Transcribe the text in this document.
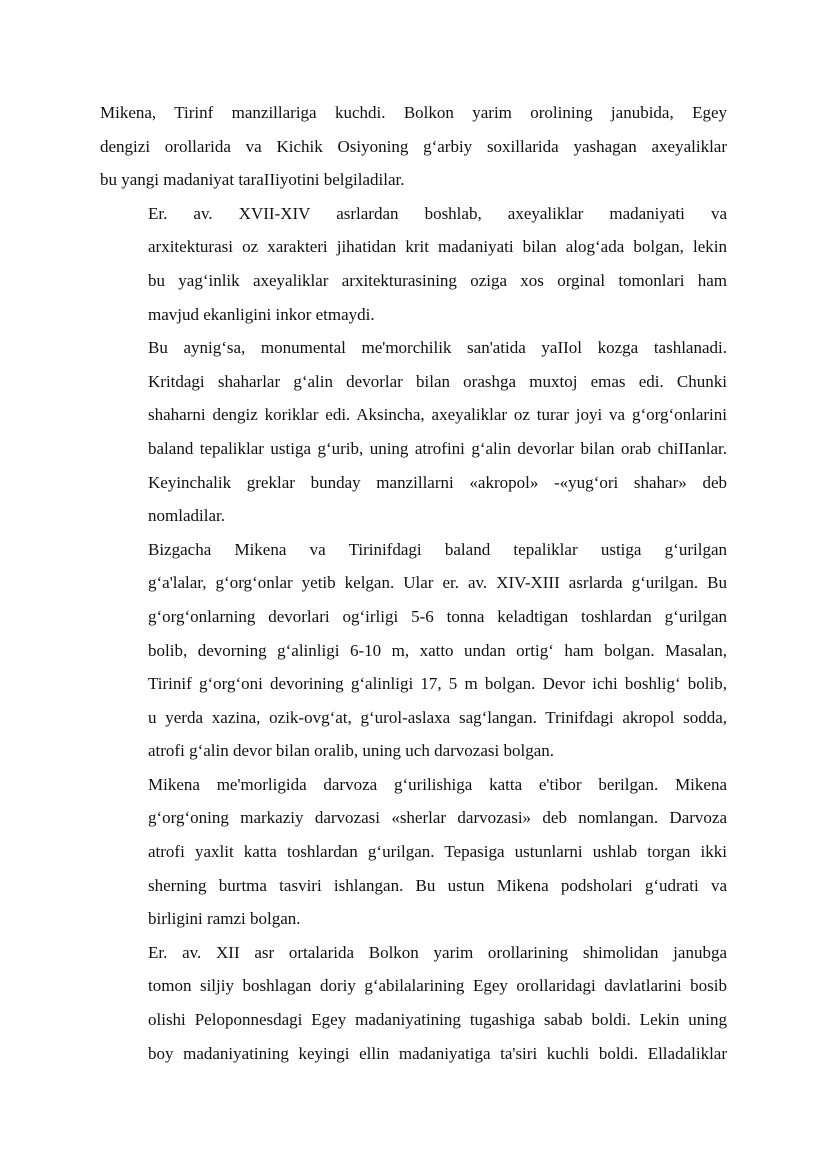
Mikena, Tirinf manzillariga kuchdi. Bolkon yarim orolining janubida, Egey
dengizi orollarida va Kichik Osiyoning g‘arbiy soxillarida yashagan axeyaliklar
bu yangi madaniyat taraIIiyotini belgiladilar.
Er. av. XVII-XIV asrlardan boshlab, axeyaliklar madaniyati va
arxitekturasi oz xarakteri jihatidan krit madaniyati bilan alog‘ada bolgan, lekin
bu yag‘inlik axeyaliklar arxitekturasining oziga xos orginal tomonlari ham
mavjud ekanligini inkor etmaydi.
Bu aynig‘sa, monumental me'morchilik san'atida yaIIol kozga tashlanadi.
Kritdagi shaharlar g‘alin devorlar bilan orashga muxtoj emas edi. Chunki
shaharni dengiz koriklar edi. Aksincha, axeyaliklar oz turar joyi va g‘org‘onlarini
baland tepaliklar ustiga g‘urib, uning atrofini g‘alin devorlar bilan orab chiIIanlar.
Keyinchalik greklar bunday manzillarni «akropol» -«yug‘ori shahar» deb
nomladilar.
Bizgacha Mikena va Tirinifdagi baland tepaliklar ustiga g‘urilgan
g‘a'lalar, g‘org‘onlar yetib kelgan. Ular er. av. XIV-XIII asrlarda g‘urilgan. Bu
g‘org‘onlarning devorlari og‘irligi 5-6 tonna keladtigan toshlardan g‘urilgan
bolib, devorning g‘alinligi 6-10 m, xatto undan ortig‘ ham bolgan. Masalan,
Tirinif g‘org‘oni devorining g‘alinligi 17, 5 m bolgan. Devor ichi boshlig‘ bolib,
u yerda xazina, ozik-ovg‘at, g‘urol-aslaxa sag‘langan. Trinifdagi akropol sodda,
atrofi g‘alin devor bilan oralib, uning uch darvozasi bolgan.
Mikena me'morligida darvoza g‘urilishiga katta e'tibor berilgan. Mikena
g‘org‘oning markaziy darvozasi «sherlar darvozasi» deb nomlangan. Darvoza
atrofi yaxlit katta toshlardan g‘urilgan. Tepasiga ustunlarni ushlab torgan ikki
sherning burtma tasviri ishlangan. Bu ustun Mikena podsholari g‘udrati va
birligini ramzi bolgan.
Er. av. XII asr ortalarida Bolkon yarim orollarining shimolidan janubga
tomon siljiy boshlagan doriy g‘abilalarining Egey orollaridagi davlatlarini bosib
olishi Peloponnesdagi Egey madaniyatining tugashiga sabab boldi. Lekin uning
boy madaniyatining keyingi ellin madaniyatiga ta'siri kuchli boldi. Elladaliklar
